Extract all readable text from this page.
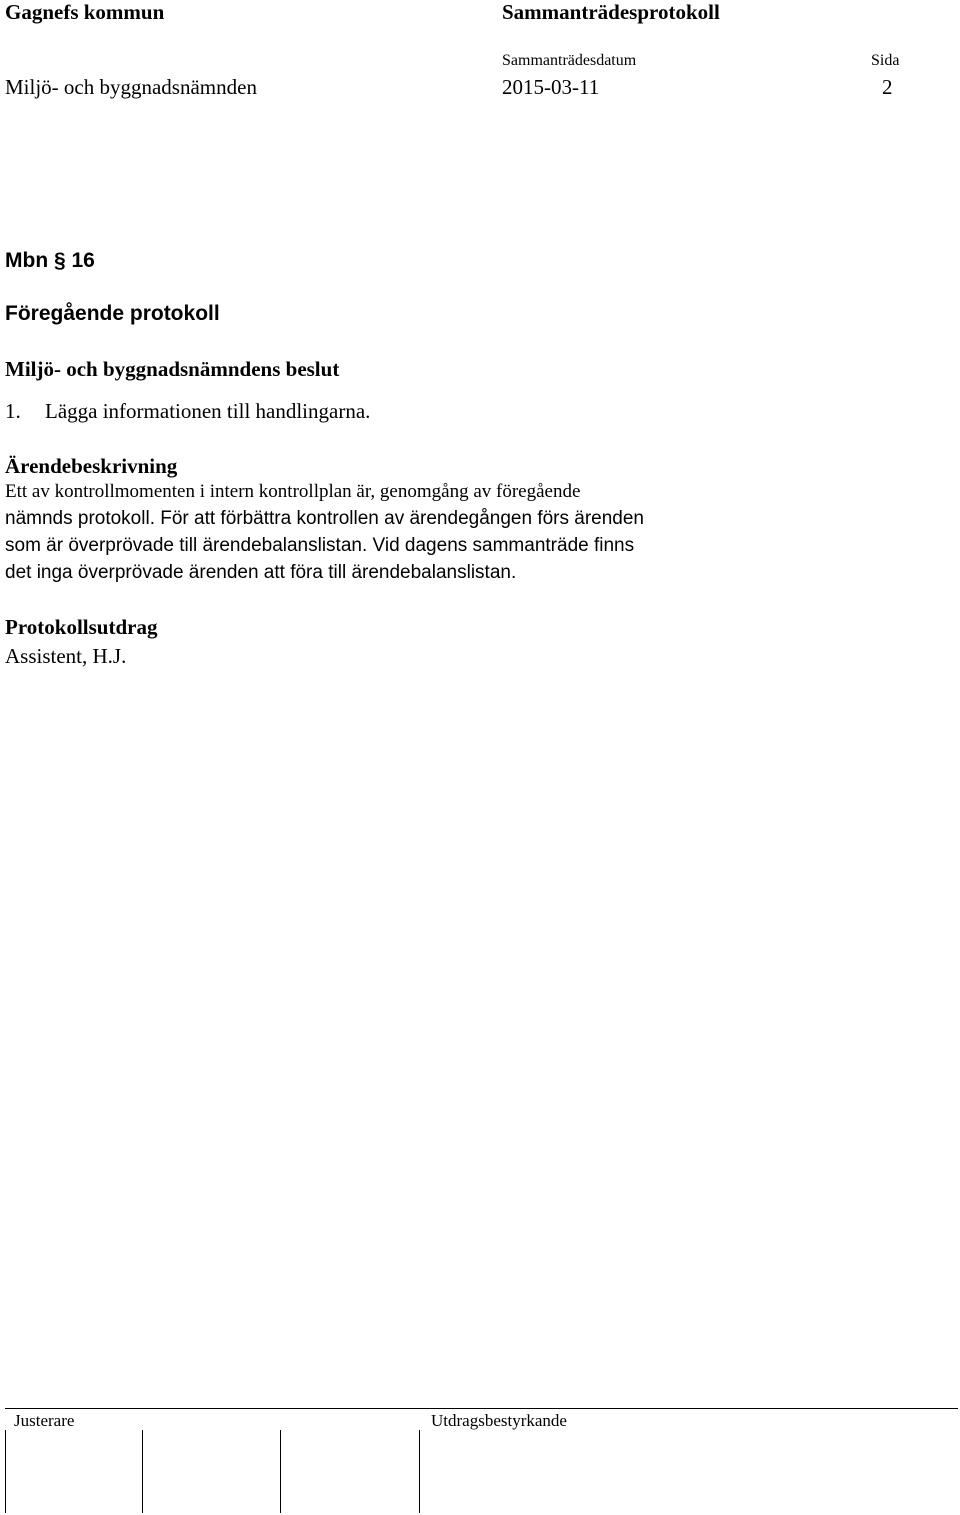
Gagnefs kommun	Sammanträdesprotokoll
Sammanträdesdatum	Sida
Miljö- och byggnadsnämnden	2015-03-11	2
Mbn § 16
Föregående protokoll
Miljö- och byggnadsnämndens beslut
1. Lägga informationen till handlingarna.
Ärendebeskrivning
Ett av kontrollmomenten i intern kontrollplan är, genomgång av föregående
nämnds protokoll. För att förbättra kontrollen av ärendegången förs ärenden
som är överprövade till ärendebalanslistan. Vid dagens sammanträde finns
det inga överprövade ärenden att föra till ärendebalanslistan.
Protokollsutdrag
Assistent, H.J.
Justerare	Utdragsbestyrkande
